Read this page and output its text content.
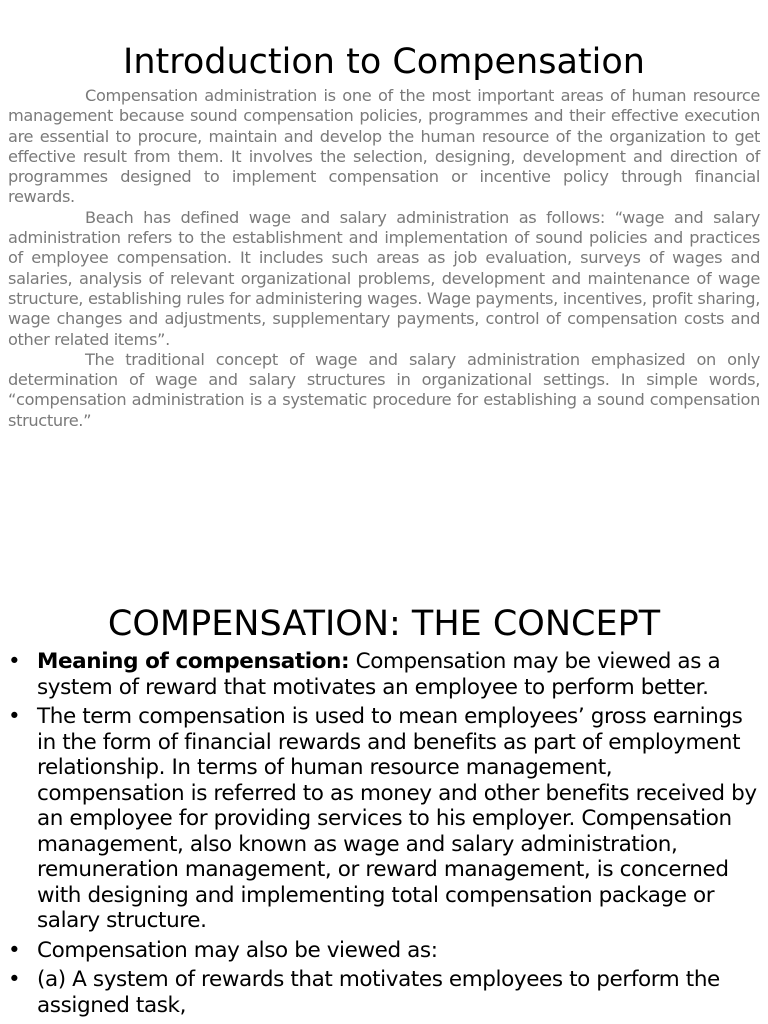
Introduction to Compensation

Compensation administration is one of the most important areas of human resource management because sound compensation policies, programmes and their effective execution are essential to procure, maintain and develop the human resource of the organization to get effective result from them. It involves the selection, designing, development and direction of programmes designed to implement compensation or incentive policy through financial rewards.

Beach has defined wage and salary administration as follows: “wage and salary administration refers to the establishment and implementation of sound policies and practices of employee compensation. It includes such areas as job evaluation, surveys of wages and salaries, analysis of relevant organizational problems, development and maintenance of wage structure, establishing rules for administering wages. Wage payments, incentives, profit sharing, wage changes and adjustments, supplementary payments, control of compensation costs and other related items”.

The traditional concept of wage and salary administration emphasized on only determination of wage and salary structures in organizational settings. In simple words, “compensation administration is a systematic procedure for establishing a sound compensation structure.”

COMPENSATION: THE CONCEPT
• Meaning of compensation: Compensation may be viewed as a system of reward that motivates an employee to perform better.
• The term compensation is used to mean employees’ gross earnings in the form of financial rewards and benefits as part of employment relationship. In terms of human resource management, compensation is referred to as money and other benefits received by an employee for providing services to his employer. Compensation management, also known as wage and salary administration, remuneration management, or reward management, is concerned with designing and implementing total compensation package or salary structure.
• Compensation may also be viewed as:
• (a) A system of rewards that motivates employees to perform the assigned task,
